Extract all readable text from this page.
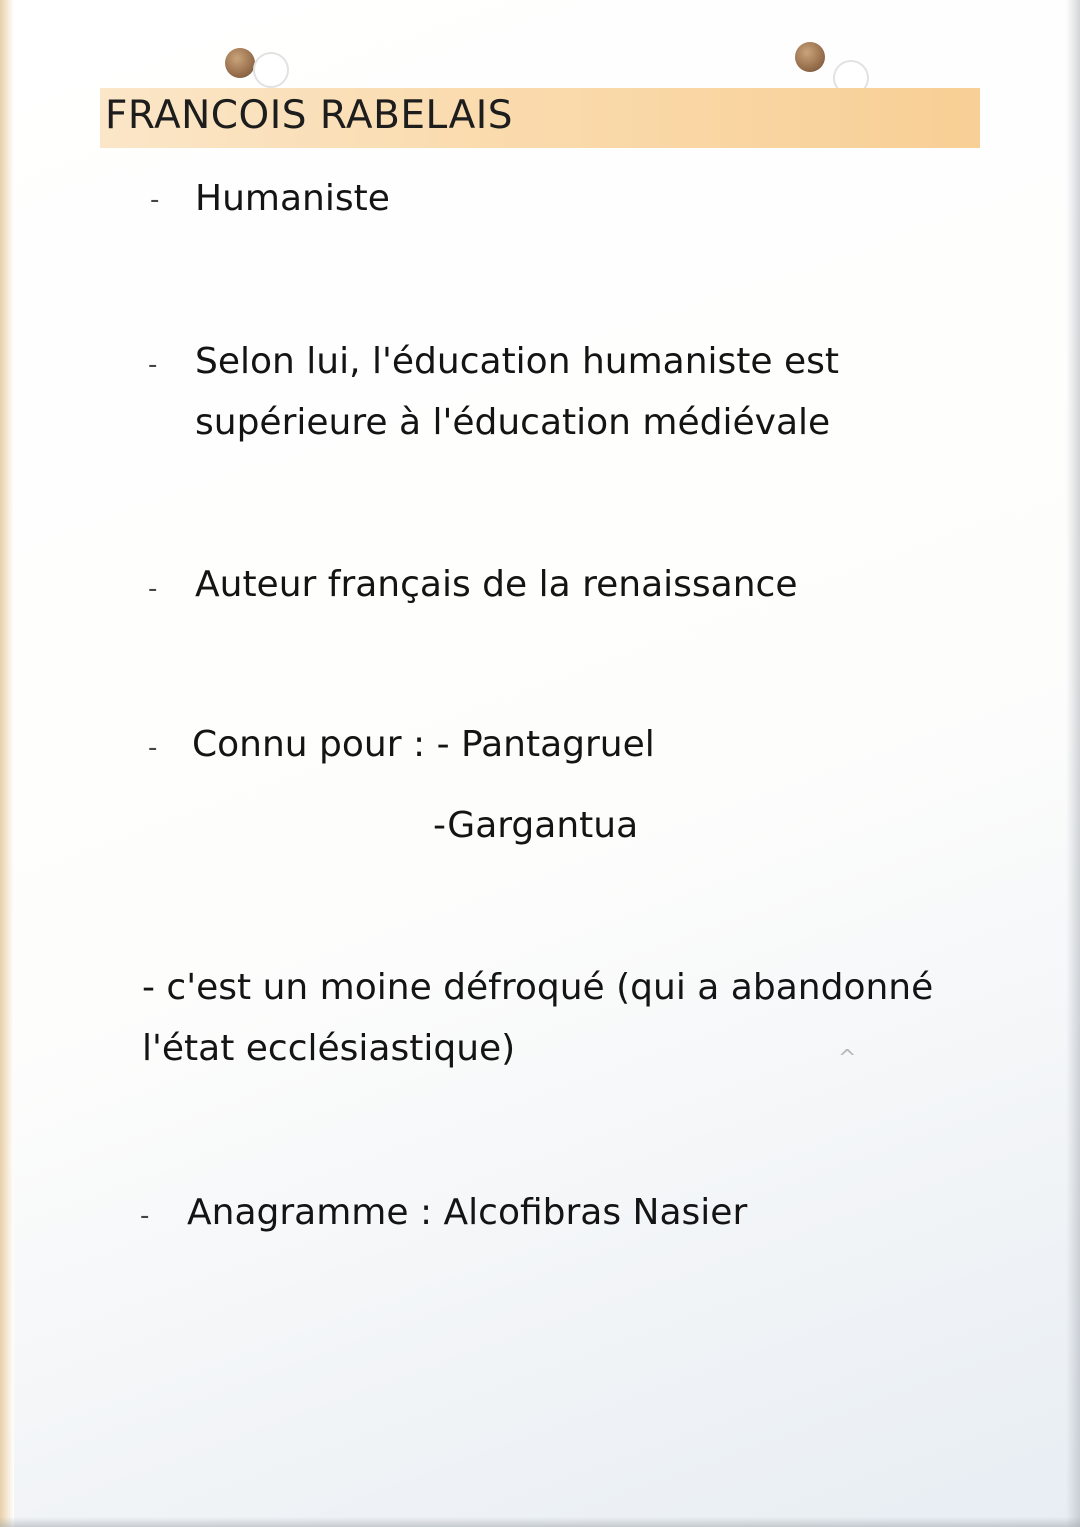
FRANCOIS RABELAIS
- Humaniste
- Selon lui, l'éducation humaniste est
supérieure à l'éducation médiévale
- Auteur français de la renaissance
- Connu pour : - Pantagruel
-Gargantua
- c'est un moine défroqué (qui a abandonné
l'état ecclésiastique)	^
- Anagramme : Alcofibras Nasier
